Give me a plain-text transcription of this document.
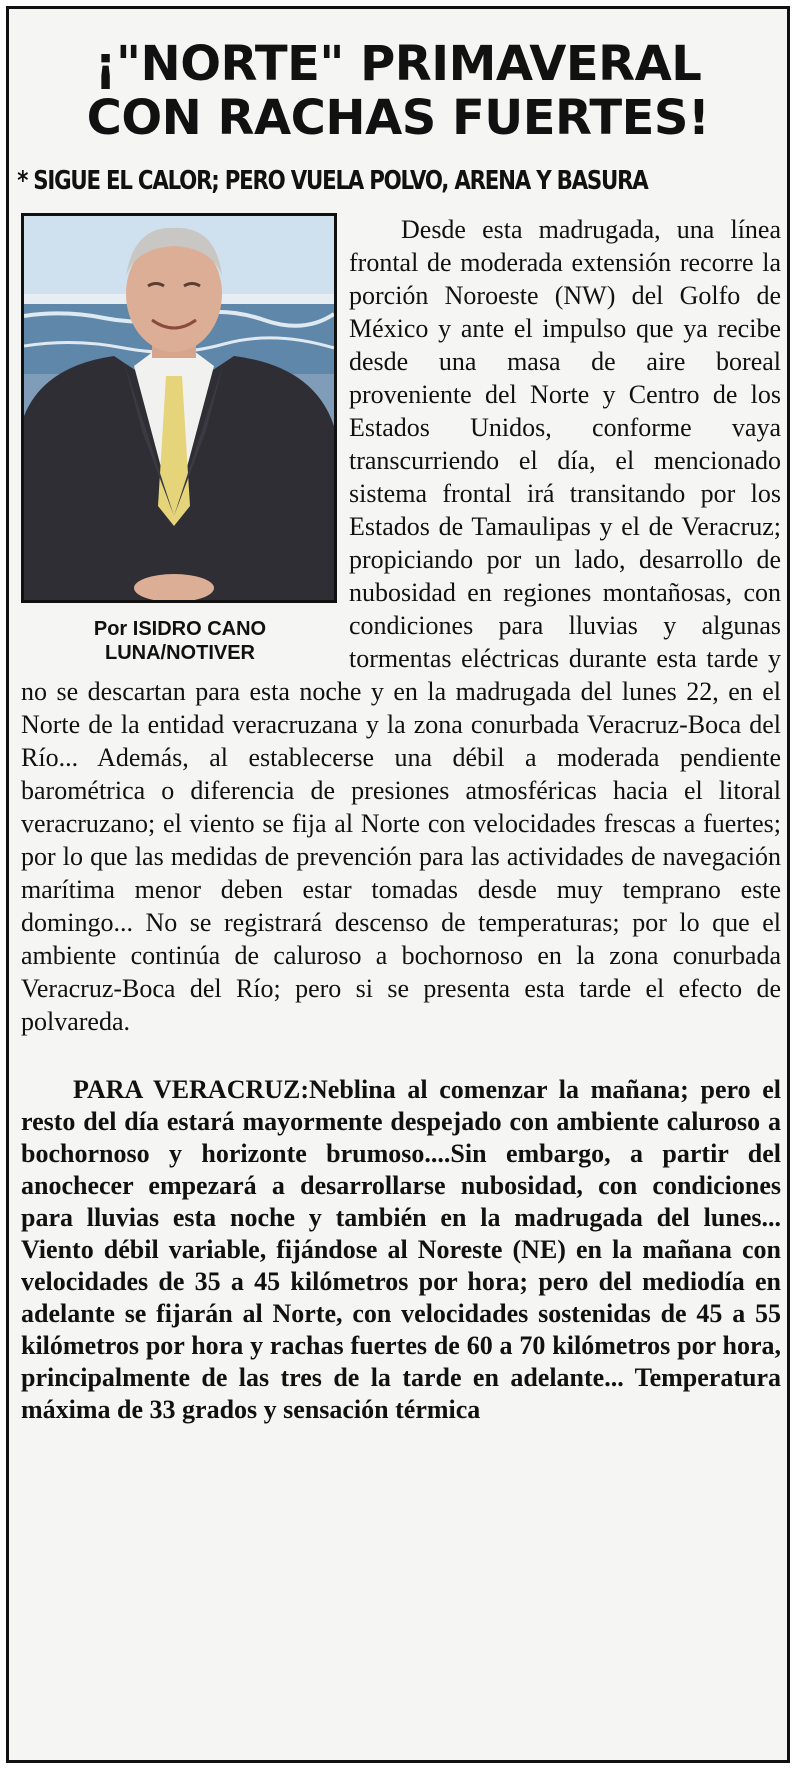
¡"NORTE" PRIMAVERAL
CON RACHAS FUERTES!
* SIGUE EL CALOR; PERO VUELA POLVO, ARENA Y BASURA
Por ISIDRO CANO
LUNA/NOTIVER

Desde esta madrugada, una línea frontal de moderada extensión recorre la porción Noroeste (NW) del Golfo de México y ante el impulso que ya recibe desde una masa de aire boreal proveniente del Norte y Centro de los Estados Unidos, conforme vaya transcurriendo el día, el mencionado sistema frontal irá transitando por los Estados de Tamaulipas y el de Veracruz; propiciando por un lado, desarrollo de nubosidad en regiones montañosas, con condiciones para lluvias y algunas tormentas eléctricas durante esta tarde y no se descartan para esta noche y en la madrugada del lunes 22, en el Norte de la entidad veracruzana y la zona conurbada Veracruz-Boca del Río... Además, al establecerse una débil a moderada pendiente barométrica o diferencia de presiones atmosféricas hacia el litoral veracruzano; el viento se fija al Norte con velocidades frescas a fuertes; por lo que las medidas de prevención para las actividades de navegación marítima menor deben estar tomadas desde muy temprano este domingo... No se registrará descenso de temperaturas; por lo que el ambiente continúa de caluroso a bochornoso en la zona conurbada Veracruz-Boca del Río; pero si se presenta esta tarde el efecto de polvareda.

PARA VERACRUZ:Neblina al comenzar la mañana; pero el resto del día estará mayormente despejado con ambiente caluroso a bochornoso y horizonte brumoso....Sin embargo, a partir del anochecer empezará a desarrollarse nubosidad, con condiciones para lluvias esta noche y también en la madrugada del lunes... Viento débil variable, fijándose al Noreste (NE) en la mañana con velocidades de 35 a 45 kilómetros por hora; pero del mediodía en adelante se fijarán al Norte, con velocidades sostenidas de 45 a 55 kilómetros por hora y rachas fuertes de 60 a 70 kilómetros por hora, principalmente de las tres de la tarde en adelante... Temperatura máxima de 33 grados y sensación térmica
